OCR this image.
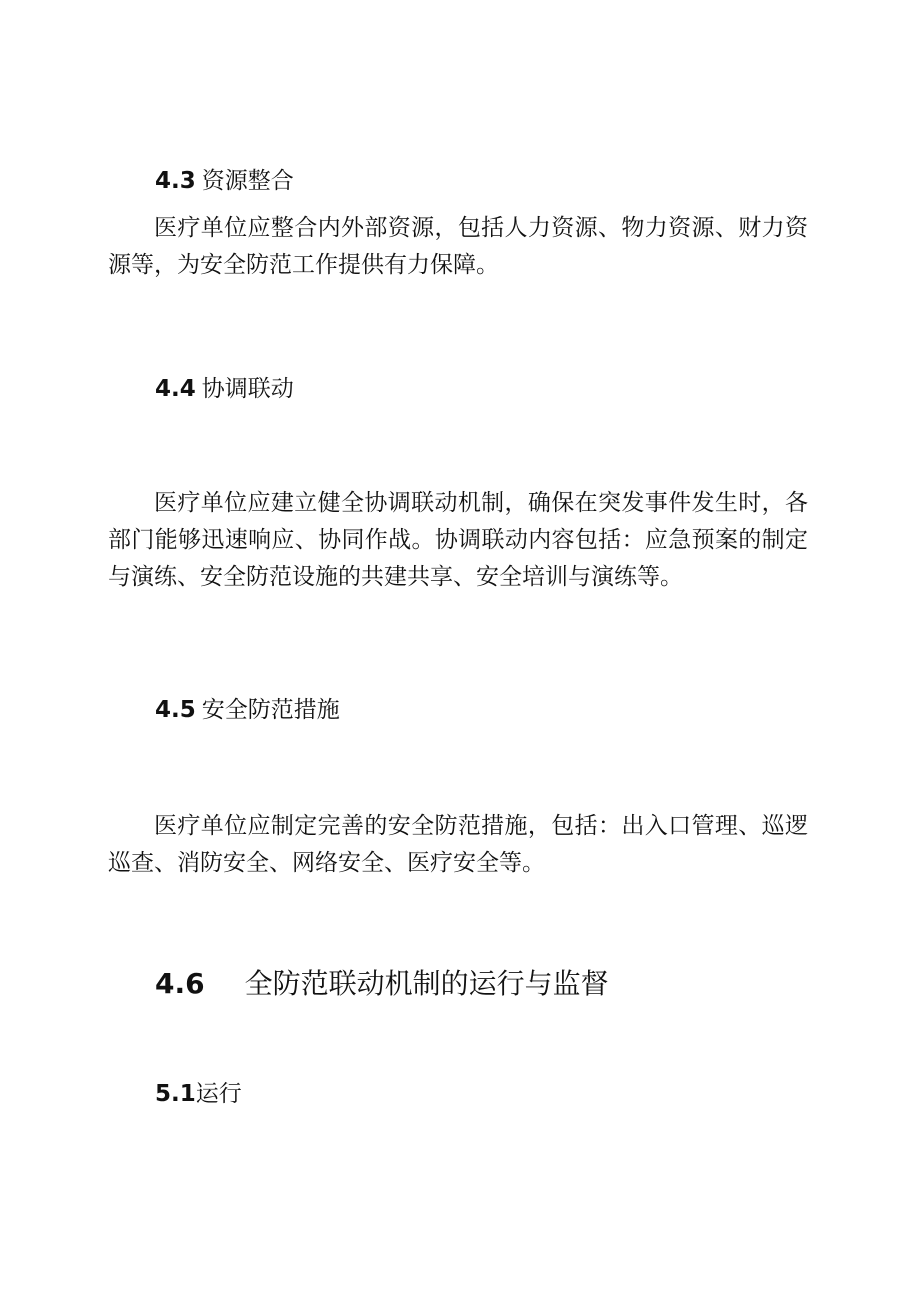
4.3 资源整合

医疗单位应整合内外部资源，包括人力资源、物力资源、财力资源等，为安全防范工作提供有力保障。

4.4 协调联动

医疗单位应建立健全协调联动机制，确保在突发事件发生时，各部门能够迅速响应、协同作战。协调联动内容包括：应急预案的制定与演练、安全防范设施的共建共享、安全培训与演练等。

4.5 安全防范措施

医疗单位应制定完善的安全防范措施，包括：出入口管理、巡逻巡查、消防安全、网络安全、医疗安全等。

4.6 全防范联动机制的运行与监督
5.1运行
